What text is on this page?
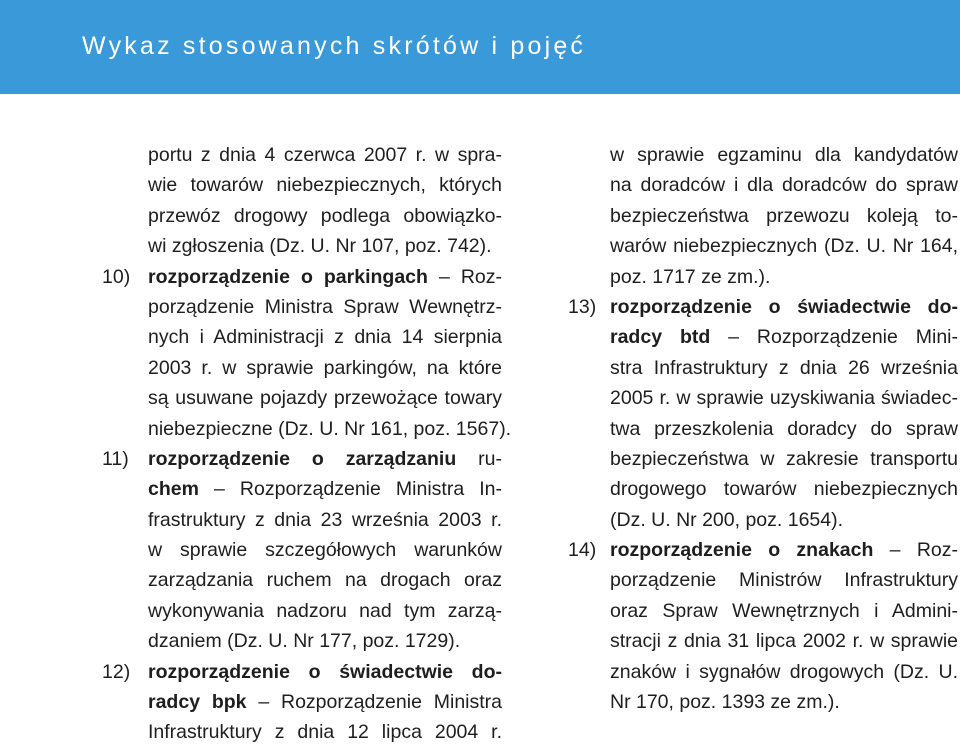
Wykaz stosowanych skrótów i pojęć
portu z dnia 4 czerwca 2007 r. w spra-
wie towarów niebezpiecznych, których
przewóz drogowy podlega obowiązko-
wi zgłoszenia (Dz. U. Nr 107, poz. 742).
10) rozporządzenie o parkingach – Roz-
porządzenie Ministra Spraw Wewnętrz-
nych i Administracji z dnia 14 sierpnia
2003 r. w sprawie parkingów, na które
są usuwane pojazdy przewożące towary
niebezpieczne (Dz. U. Nr 161, poz. 1567).
11) rozporządzenie o zarządzaniu ru-
chem – Rozporządzenie Ministra In-
frastruktury z dnia 23 września 2003 r.
w sprawie szczegółowych warunków
zarządzania ruchem na drogach oraz
wykonywania nadzoru nad tym zarzą-
dzaniem (Dz. U. Nr 177, poz. 1729).
12) rozporządzenie o świadectwie do-
radcy bpk – Rozporządzenie Ministra
Infrastruktury z dnia 12 lipca 2004 r.
w sprawie egzaminu dla kandydatów
na doradców i dla doradców do spraw
bezpieczeństwa przewozu koleją to-
warów niebezpiecznych (Dz. U. Nr 164,
poz. 1717 ze zm.).
13) rozporządzenie o świadectwie do-
radcy btd – Rozporządzenie Mini-
stra Infrastruktury z dnia 26 września
2005 r. w sprawie uzyskiwania świadec-
twa przeszkolenia doradcy do spraw
bezpieczeństwa w zakresie transportu
drogowego towarów niebezpiecznych
(Dz. U. Nr 200, poz. 1654).
14) rozporządzenie o znakach – Roz-
porządzenie Ministrów Infrastruktury
oraz Spraw Wewnętrznych i Admini-
stracji z dnia 31 lipca 2002 r. w sprawie
znaków i sygnałów drogowych (Dz. U.
Nr 170, poz. 1393 ze zm.).
